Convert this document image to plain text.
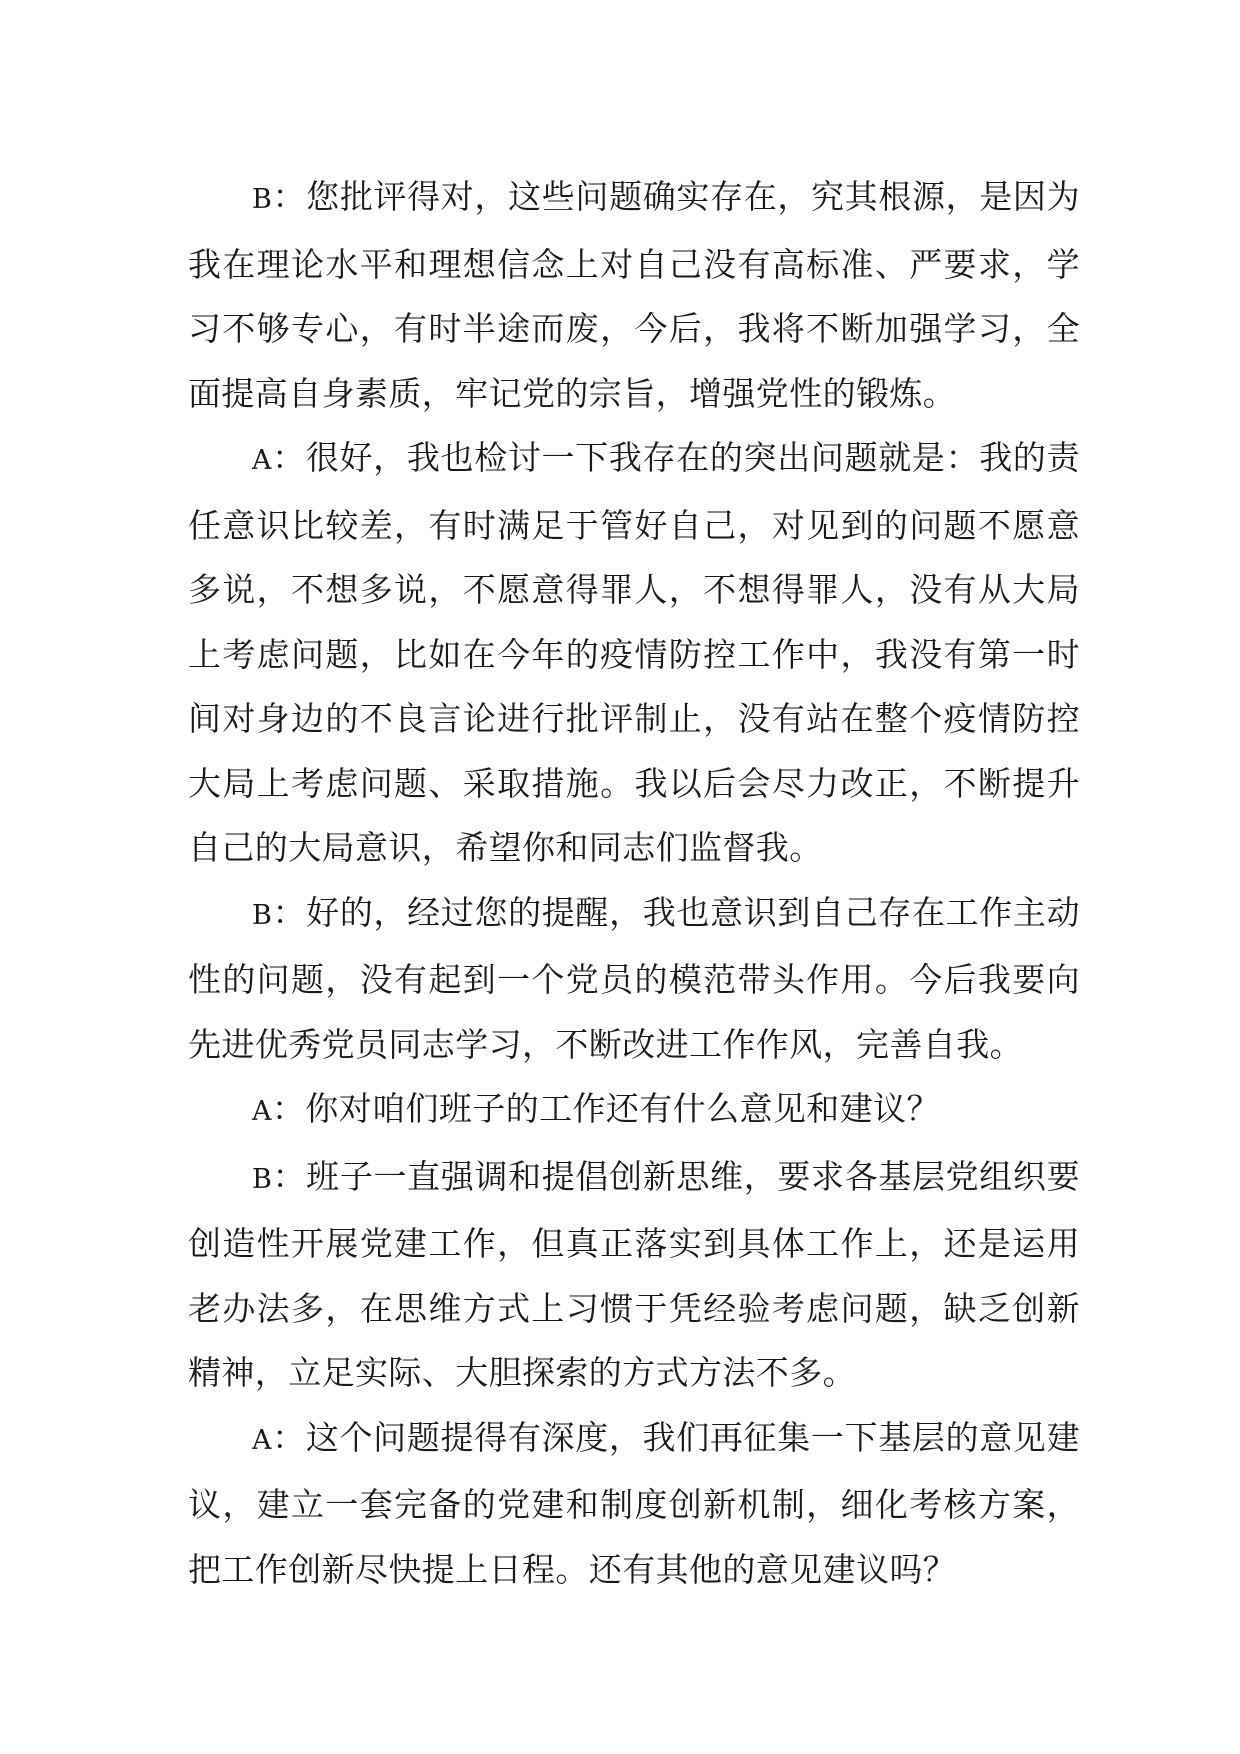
B：您批评得对，这些问题确实存在，究其根源，是因为我在理论水平和理想信念上对自己没有高标准、严要求，学习不够专心，有时半途而废，今后，我将不断加强学习，全面提高自身素质，牢记党的宗旨，增强党性的锻炼。

A：很好，我也检讨一下我存在的突出问题就是：我的责任意识比较差，有时满足于管好自己，对见到的问题不愿意多说，不想多说，不愿意得罪人，不想得罪人，没有从大局上考虑问题，比如在今年的疫情防控工作中，我没有第一时间对身边的不良言论进行批评制止，没有站在整个疫情防控大局上考虑问题、采取措施。我以后会尽力改正，不断提升自己的大局意识，希望你和同志们监督我。

B：好的，经过您的提醒，我也意识到自己存在工作主动性的问题，没有起到一个党员的模范带头作用。今后我要向先进优秀党员同志学习，不断改进工作作风，完善自我。

A：你对咱们班子的工作还有什么意见和建议？

B：班子一直强调和提倡创新思维，要求各基层党组织要创造性开展党建工作，但真正落实到具体工作上，还是运用老办法多，在思维方式上习惯于凭经验考虑问题，缺乏创新精神，立足实际、大胆探索的方式方法不多。

A：这个问题提得有深度，我们再征集一下基层的意见建议，建立一套完备的党建和制度创新机制，细化考核方案，把工作创新尽快提上日程。还有其他的意见建议吗？
